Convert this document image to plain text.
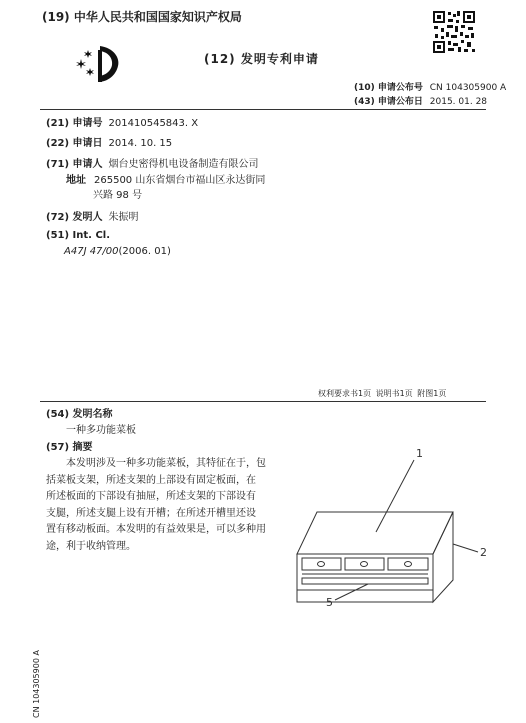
(19) 中华人民共和国国家知识产权局
(12) 发明专利申请
(10) 申请公布号 CN 104305900 A
(43) 申请公布日 2015. 01. 28
(21) 申请号 201410545843. X
(22) 申请日 2014. 10. 15
(71) 申请人 烟台史密得机电设备制造有限公司
地址 265500 山东省烟台市福山区永达街同
兴路 98 号
(72) 发明人 朱振明
(51) Int. Cl.
A47J 47/00(2006. 01)
权利要求书1页 说明书1页 附图1页
(54) 发明名称
一种多功能菜板
(57) 摘要

本发明涉及一种多功能菜板，其特征在于，包

括菜板支架，所述支架的上部设有固定板面，在

所述板面的下部设有抽屉，所述支架的下部设有

支腿，所述支腿上设有开槽；在所述开槽里还设

置有移动板面。本发明的有益效果是，可以多种用

途，利于收纳管理。

1
2
5
CN 104305900 A
